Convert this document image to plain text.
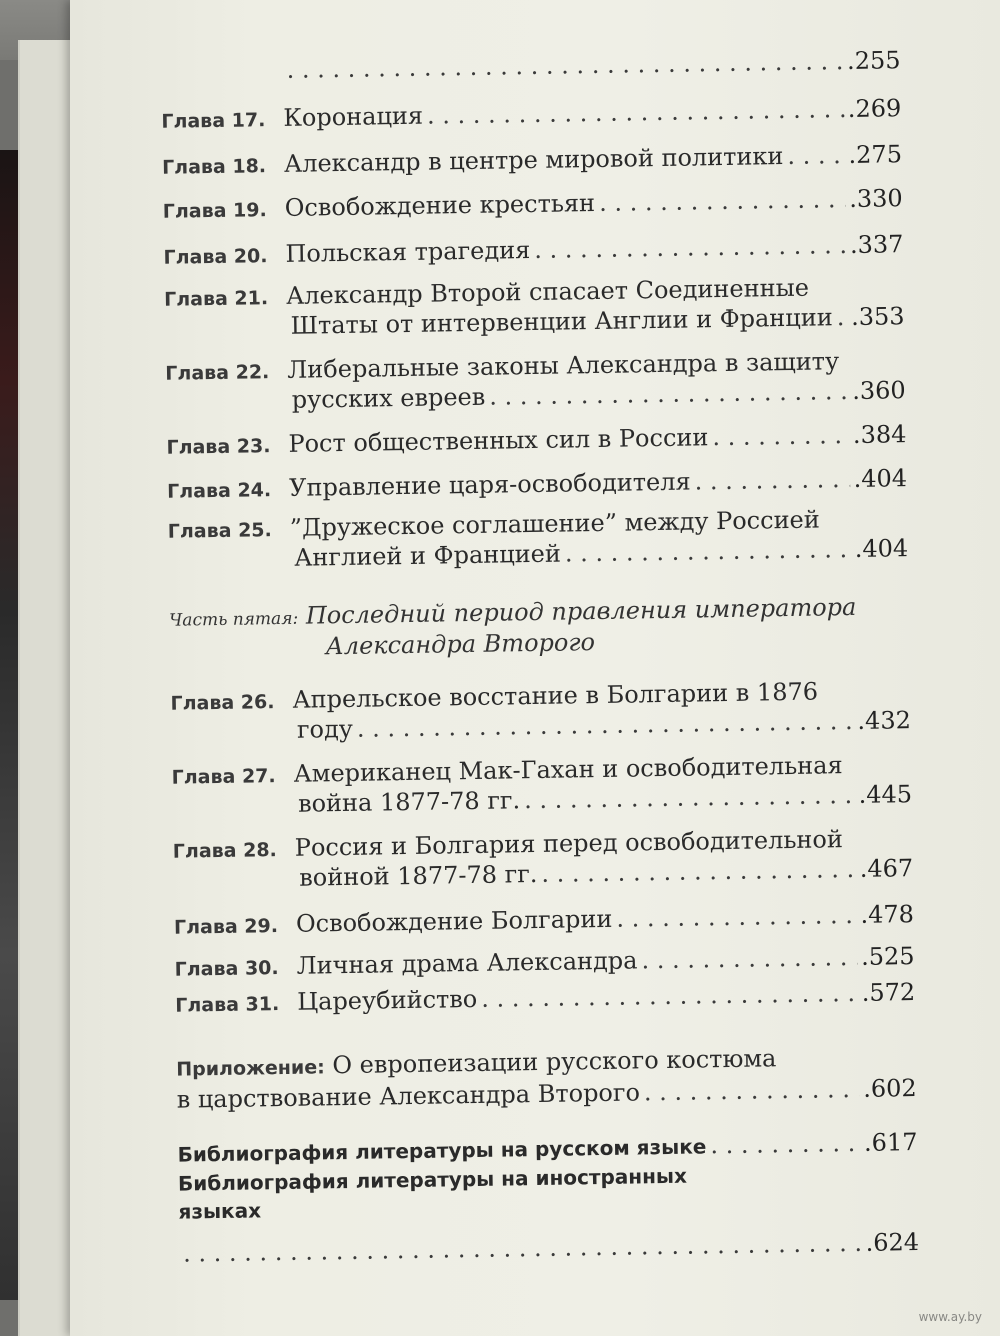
. . .
. 255
Глава 17. Коронация . . .	. 269
Глава 18. Александр в центре мировой политики . . .	. 275
Глава 19. Освобождение крестьян . . .	. 330
Глава 20. Польская трагедия . . .	. 337
Глава 21. Александр Второй спасает Соединенные
Штаты от интервенции Англии и Франции . . .	. 353
Глава 22. Либеральные законы Александра в защиту
русских евреев . . .	. 360
Глава 23. Рост общественных сил в России . . .	. 384
Глава 24. Управление царя-освободителя . . .	. 404
Глава 25. ”Дружеское соглашение” между Россией
Англией и Францией . . .	. 404
Часть пятая: Последний период правления императора
Александра Второго
Глава 26. Апрельское восстание в Болгарии в 1876
году . . .	. 432
Глава 27. Американец Мак-Гахан и освободительная
война 1877-78 гг. . . .	. 445
Глава 28. Россия и Болгария перед освободительной
войной 1877-78 гг. . . .	. 467
Глава 29. Освобождение Болгарии . . .	. 478
Глава 30. Личная драма Александра . . .	. 525
Глава 31. Цареубийство . . .	. 572
Приложение: О европеизации русского костюма
в царствование Александра Второго . . .	. 602
Библиография литературы на русском языке . . .	. 617
Библиография литературы на иностранных
языках
. . .
. 624
www.ay.by
